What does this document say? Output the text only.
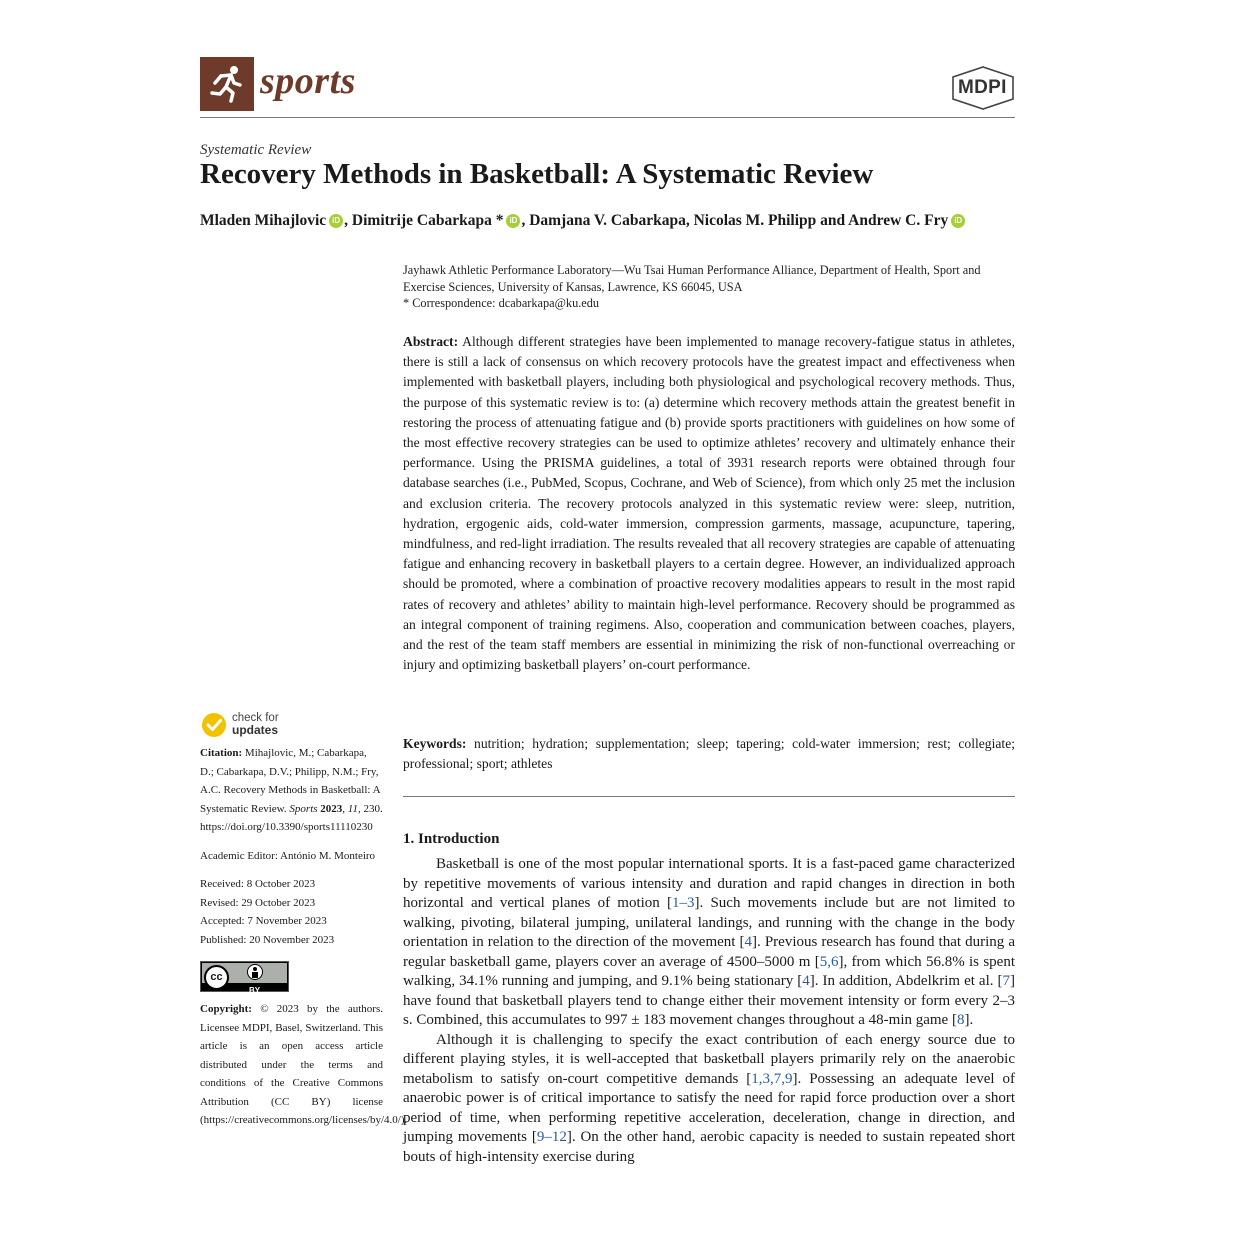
sports	MDPI
Systematic Review
Recovery Methods in Basketball: A Systematic Review
Mladen Mihajlovic iD , Dimitrije Cabarkapa * iD , Damjana V. Cabarkapa, Nicolas M. Philipp and Andrew C. Fry iD
Jayhawk Athletic Performance Laboratory—Wu Tsai Human Performance Alliance, Department of Health, Sport and Exercise Sciences, University of Kansas, Lawrence, KS 66045, USA
* Correspondence: dcabarkapa@ku.edu
Abstract: Although different strategies have been implemented to manage recovery-fatigue status in athletes, there is still a lack of consensus on which recovery protocols have the greatest impact and effectiveness when implemented with basketball players, including both physiological and psychological recovery methods. Thus, the purpose of this systematic review is to: (a) determine which recovery methods attain the greatest benefit in restoring the process of attenuating fatigue and (b) provide sports practitioners with guidelines on how some of the most effective recovery strategies can be used to optimize athletes’ recovery and ultimately enhance their performance. Using the PRISMA guidelines, a total of 3931 research reports were obtained through four database searches (i.e., PubMed, Scopus, Cochrane, and Web of Science), from which only 25 met the inclusion and exclusion criteria. The recovery protocols analyzed in this systematic review were: sleep, nutrition, hydration, ergogenic aids, cold-water immersion, compression garments, massage, acupuncture, tapering, mindfulness, and red-light irradiation. The results revealed that all recovery strategies are capable of attenuating fatigue and enhancing recovery in basketball players to a certain degree. However, an individualized approach should be promoted, where a combination of proactive recovery modalities appears to result in the most rapid rates of recovery and athletes’ ability to maintain high-level performance. Recovery should be programmed as an integral component of training regimens. Also, cooperation and communication between coaches, players, and the rest of the team staff members are essential in minimizing the risk of non-functional overreaching or injury and optimizing basketball players’ on-court performance.
Keywords: nutrition; hydration; supplementation; sleep; tapering; cold-water immersion; rest; collegiate; professional; sport; athletes
1. Introduction

Basketball is one of the most popular international sports. It is a fast-paced game characterized by repetitive movements of various intensity and duration and rapid changes in direction in both horizontal and vertical planes of motion [1–3]. Such movements include but are not limited to walking, pivoting, bilateral jumping, unilateral landings, and running with the change in the body orientation in relation to the direction of the movement [4]. Previous research has found that during a regular basketball game, players cover an average of 4500–5000 m [5,6], from which 56.8% is spent walking, 34.1% running and jumping, and 9.1% being stationary [4]. In addition, Abdelkrim et al. [7] have found that basketball players tend to change either their movement intensity or form every 2–3 s. Combined, this accumulates to 997 ± 183 movement changes throughout a 48-min game [8].

Although it is challenging to specify the exact contribution of each energy source due to different playing styles, it is well-accepted that basketball players primarily rely on the anaerobic metabolism to satisfy on-court competitive demands [1,3,7,9]. Possessing an adequate level of anaerobic power is of critical importance to satisfy the need for rapid force production over a short period of time, when performing repetitive acceleration, deceleration, change in direction, and jumping movements [9–12]. On the other hand, aerobic capacity is needed to sustain repeated short bouts of high-intensity exercise during

check for
updates
Citation: Mihajlovic, M.; Cabarkapa, D.; Cabarkapa, D.V.; Philipp, N.M.; Fry, A.C. Recovery Methods in Basketball: A Systematic Review. Sports 2023, 11, 230. https://doi.org/10.3390/sports11110230
Academic Editor: António M. Monteiro
Received: 8 October 2023
Revised: 29 October 2023
Accepted: 7 November 2023
Published: 20 November 2023
cc
BY
Copyright: © 2023 by the authors. Licensee MDPI, Basel, Switzerland. This article is an open access article distributed under the terms and conditions of the Creative Commons Attribution (CC BY) license (https://creativecommons.org/licenses/by/4.0/).
